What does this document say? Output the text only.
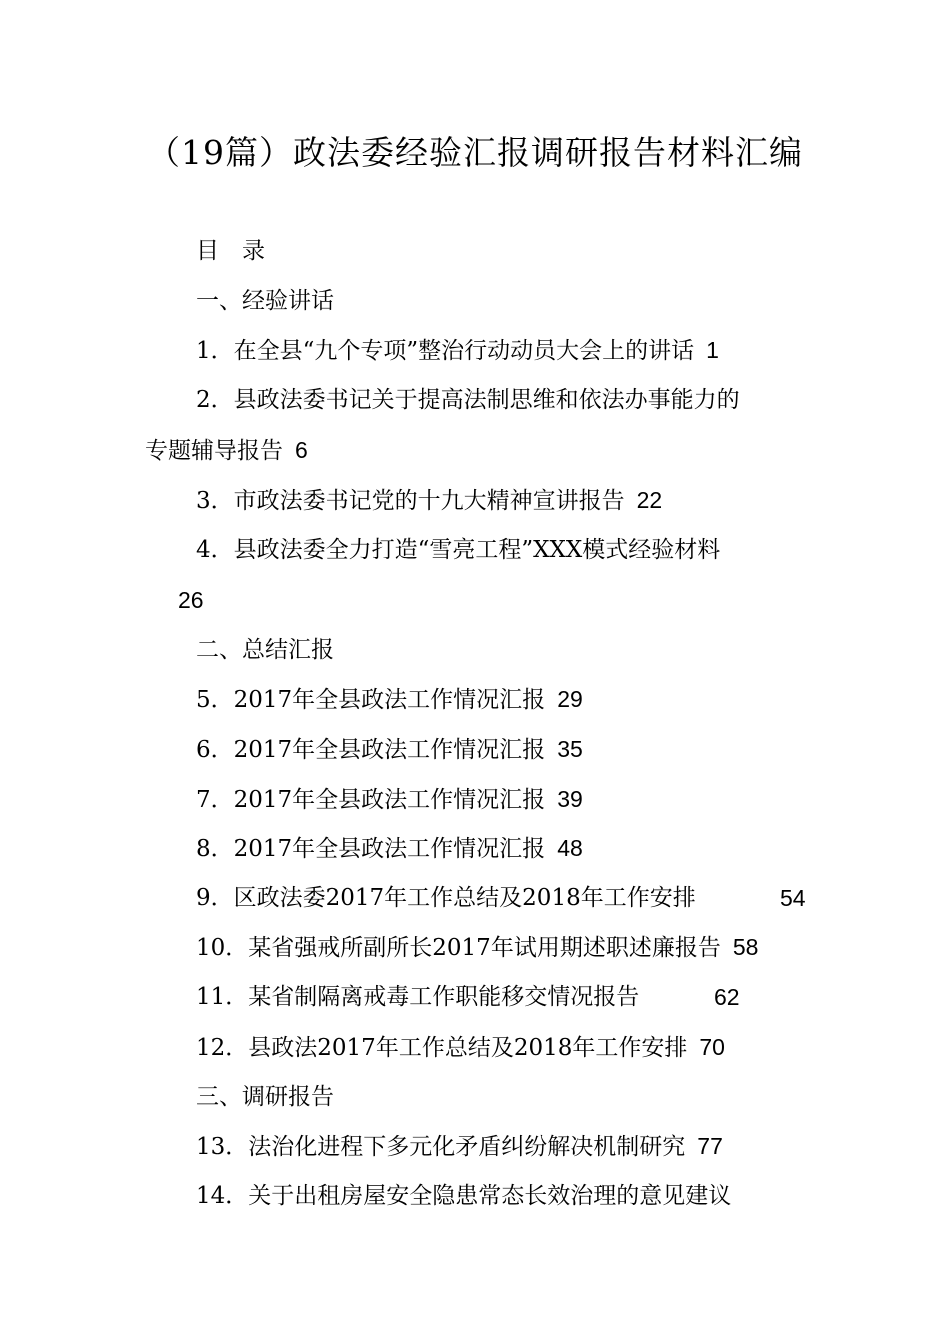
（19篇）政法委经验汇报调研报告材料汇编
目　录
一、经验讲话
1．在全县“九个专项”整治行动动员大会上的讲话 1
2．县政法委书记关于提高法制思维和依法办事能力的
专题辅导报告 6
3．市政法委书记党的十九大精神宣讲报告 22
4．县政法委全力打造“雪亮工程”XXX模式经验材料
26
二、总结汇报
5．2017年全县政法工作情况汇报 29
6．2017年全县政法工作情况汇报 35
7．2017年全县政法工作情况汇报 39
8．2017年全县政法工作情况汇报 48
9．区政法委2017年工作总结及2018年工作安排	54
10．某省强戒所副所长2017年试用期述职述廉报告 58
11．某省制隔离戒毒工作职能移交情况报告	62
12．县政法2017年工作总结及2018年工作安排 70
三、调研报告
13．法治化进程下多元化矛盾纠纷解决机制研究 77
14．关于出租房屋安全隐患常态长效治理的意见建议
